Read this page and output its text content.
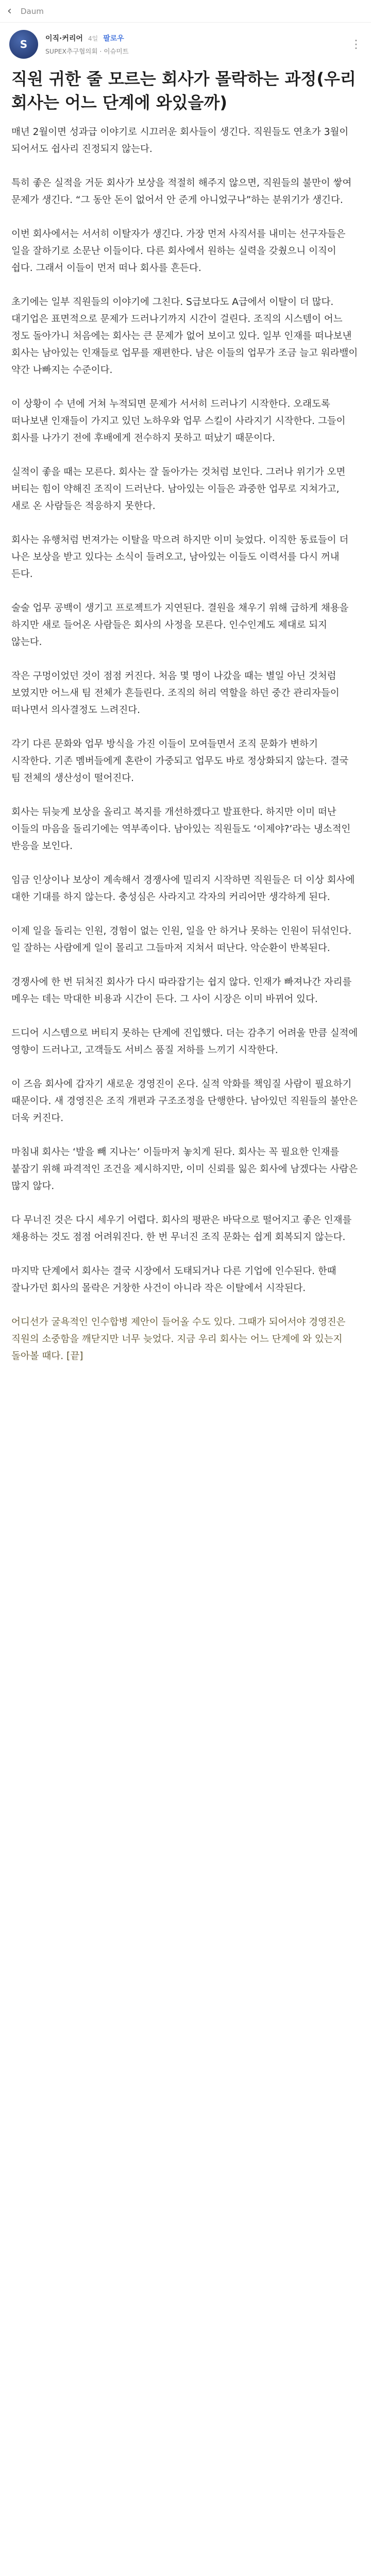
‹	Daum
S 이직·커리어 4일 팔로우
SUPEX추구협의회 · 이슈미트
⋮
직원 귀한 줄 모르는 회사가 몰락하는 과정(우리 회사는 어느 단계에 와있을까)

매년 2월이면 성과급 이야기로 시끄러운 회사들이 생긴다. 직원들도 연초가 3월이 되어서도 쉽사리 진정되지 않는다.

특히 좋은 실적을 거둔 회사가 보상을 적절히 해주지 않으면, 직원들의 불만이 쌓여 문제가 생긴다. “그 동안 돈이 없어서 안 준게 아니었구나”하는 분위기가 생긴다.

이번 회사에서는 서서히 이탈자가 생긴다. 가장 먼저 사직서를 내미는 선구자들은 일을 잘하기로 소문난 이들이다. 다른 회사에서 원하는 실력을 갖췄으니 이직이 쉽다. 그래서 이들이 먼저 떠나 회사를 흔든다.

초기에는 일부 직원들의 이야기에 그친다. S급보다도 A급에서 이탈이 더 많다. 대기업은 표면적으로 문제가 드러나기까지 시간이 걸린다. 조직의 시스템이 어느 정도 돌아가니 처음에는 회사는 큰 문제가 없어 보이고 있다. 일부 인재를 떠나보낸 회사는 남아있는 인재들로 업무를 재편한다. 남은 이들의 업무가 조금 늘고 워라밸이 약간 나빠지는 수준이다.

이 상황이 수 년에 거쳐 누적되면 문제가 서서히 드러나기 시작한다. 오래도록 떠나보낸 인재들이 가지고 있던 노하우와 업무 스킬이 사라지기 시작한다. 그들이 회사를 나가기 전에 후배에게 전수하지 못하고 떠났기 때문이다.

실적이 좋을 때는 모른다. 회사는 잘 돌아가는 것처럼 보인다. 그러나 위기가 오면 버티는 힘이 약해진 조직이 드러난다. 남아있는 이들은 과중한 업무로 지쳐가고, 새로 온 사람들은 적응하지 못한다.

회사는 유행처럼 번져가는 이탈을 막으려 하지만 이미 늦었다. 이직한 동료들이 더 나은 보상을 받고 있다는 소식이 들려오고, 남아있는 이들도 이력서를 다시 꺼내 든다.

술술 업무 공백이 생기고 프로젝트가 지연된다. 결원을 채우기 위해 급하게 채용을 하지만 새로 들어온 사람들은 회사의 사정을 모른다. 인수인계도 제대로 되지 않는다.

작은 구멍이었던 것이 점점 커진다. 처음 몇 명이 나갔을 때는 별일 아닌 것처럼 보였지만 어느새 팀 전체가 흔들린다. 조직의 허리 역할을 하던 중간 관리자들이 떠나면서 의사결정도 느려진다.

각기 다른 문화와 업무 방식을 가진 이들이 모여들면서 조직 문화가 변하기 시작한다. 기존 멤버들에게 혼란이 가중되고 업무도 바로 정상화되지 않는다. 결국 팀 전체의 생산성이 떨어진다.

회사는 뒤늦게 보상을 올리고 복지를 개선하겠다고 발표한다. 하지만 이미 떠난 이들의 마음을 돌리기에는 역부족이다. 남아있는 직원들도 ‘이제야?’라는 냉소적인 반응을 보인다.

임금 인상이나 보상이 계속해서 경쟁사에 밀리지 시작하면 직원들은 더 이상 회사에 대한 기대를 하지 않는다. 충성심은 사라지고 각자의 커리어만 생각하게 된다.

이제 일을 돌리는 인원, 경험이 없는 인원, 일을 안 하거나 못하는 인원이 뒤섞인다. 일 잘하는 사람에게 일이 몰리고 그들마저 지쳐서 떠난다. 악순환이 반복된다.

경쟁사에 한 번 뒤처진 회사가 다시 따라잡기는 쉽지 않다. 인재가 빠져나간 자리를 메우는 데는 막대한 비용과 시간이 든다. 그 사이 시장은 이미 바뀌어 있다.

드디어 시스템으로 버티지 못하는 단계에 진입했다. 더는 감추기 어려울 만큼 실적에 영향이 드러나고, 고객들도 서비스 품질 저하를 느끼기 시작한다.

이 즈음 회사에 갑자기 새로운 경영진이 온다. 실적 악화를 책임질 사람이 필요하기 때문이다. 새 경영진은 조직 개편과 구조조정을 단행한다. 남아있던 직원들의 불안은 더욱 커진다.

마침내 회사는 ‘발을 빼 지나는’ 이들마저 놓치게 된다. 회사는 꼭 필요한 인재를 붙잡기 위해 파격적인 조건을 제시하지만, 이미 신뢰를 잃은 회사에 남겠다는 사람은 많지 않다.

다 무너진 것은 다시 세우기 어렵다. 회사의 평판은 바닥으로 떨어지고 좋은 인재를 채용하는 것도 점점 어려워진다. 한 번 무너진 조직 문화는 쉽게 회복되지 않는다.

마지막 단계에서 회사는 결국 시장에서 도태되거나 다른 기업에 인수된다. 한때 잘나가던 회사의 몰락은 거창한 사건이 아니라 작은 이탈에서 시작된다.

어디선가 굴욕적인 인수합병 제안이 들어올 수도 있다. 그때가 되어서야 경영진은 직원의 소중함을 깨닫지만 너무 늦었다. 지금 우리 회사는 어느 단계에 와 있는지 돌아볼 때다. [끝]
